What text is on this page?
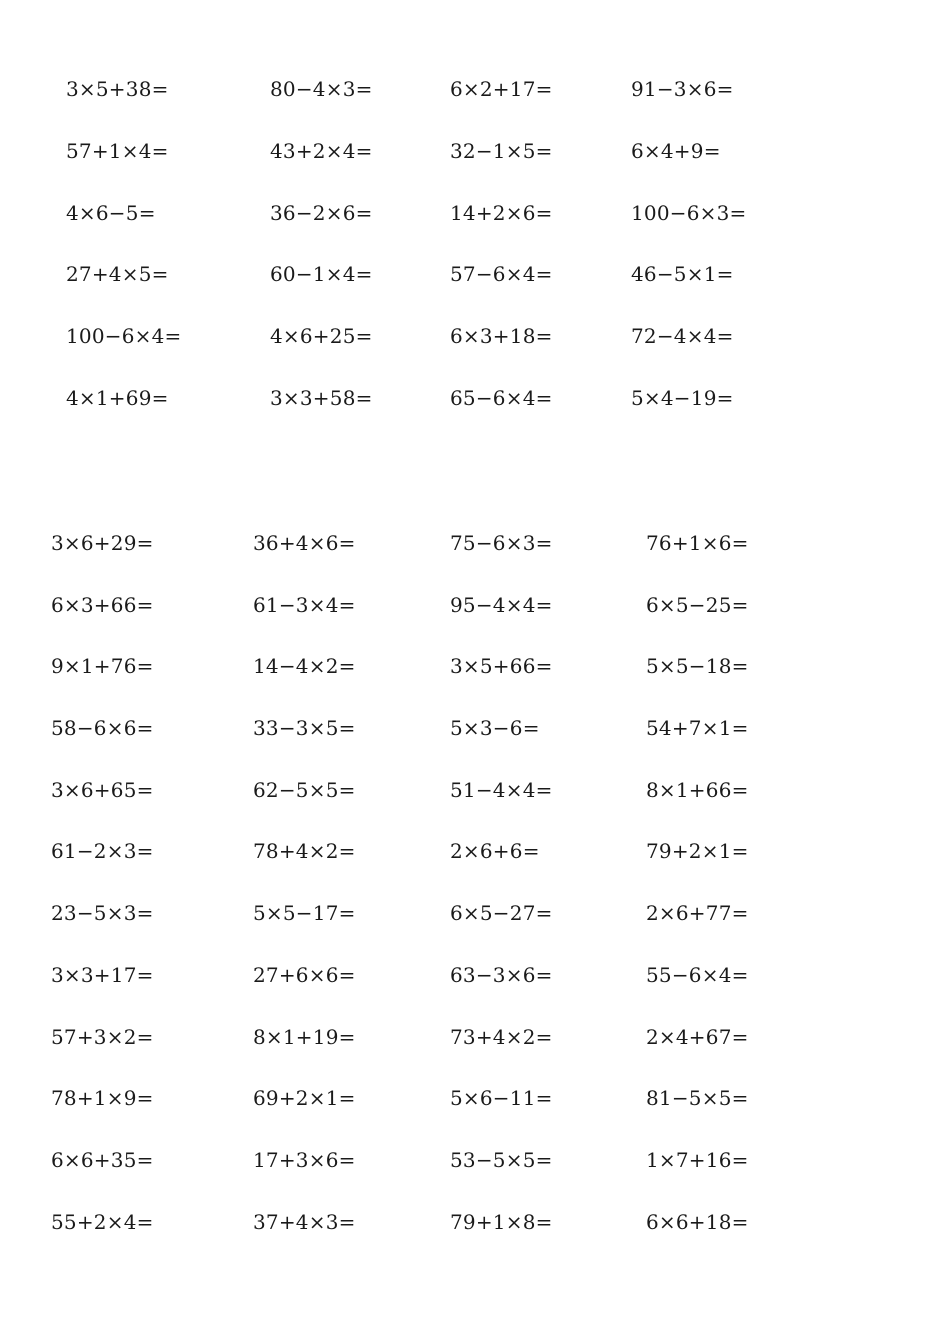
3×5+38=	80−4×3=	6×2+17=	91−3×6=
57+1×4=	43+2×4=	32−1×5=	6×4+9=
4×6−5=	36−2×6=	14+2×6=	100−6×3=
27+4×5=	60−1×4=	57−6×4=	46−5×1=
100−6×4=	4×6+25=	6×3+18=	72−4×4=
4×1+69=	3×3+58=	65−6×4=	5×4−19=
3×6+29=	36+4×6=	75−6×3=	76+1×6=
6×3+66=	61−3×4=	95−4×4=	6×5−25=
9×1+76=	14−4×2=	3×5+66=	5×5−18=
58−6×6=	33−3×5=	5×3−6=	54+7×1=
3×6+65=	62−5×5=	51−4×4=	8×1+66=
61−2×3=	78+4×2=	2×6+6=	79+2×1=
23−5×3=	5×5−17=	6×5−27=	2×6+77=
3×3+17=	27+6×6=	63−3×6=	55−6×4=
57+3×2=	8×1+19=	73+4×2=	2×4+67=
78+1×9=	69+2×1=	5×6−11=	81−5×5=
6×6+35=	17+3×6=	53−5×5=	1×7+16=
55+2×4=	37+4×3=	79+1×8=	6×6+18=
